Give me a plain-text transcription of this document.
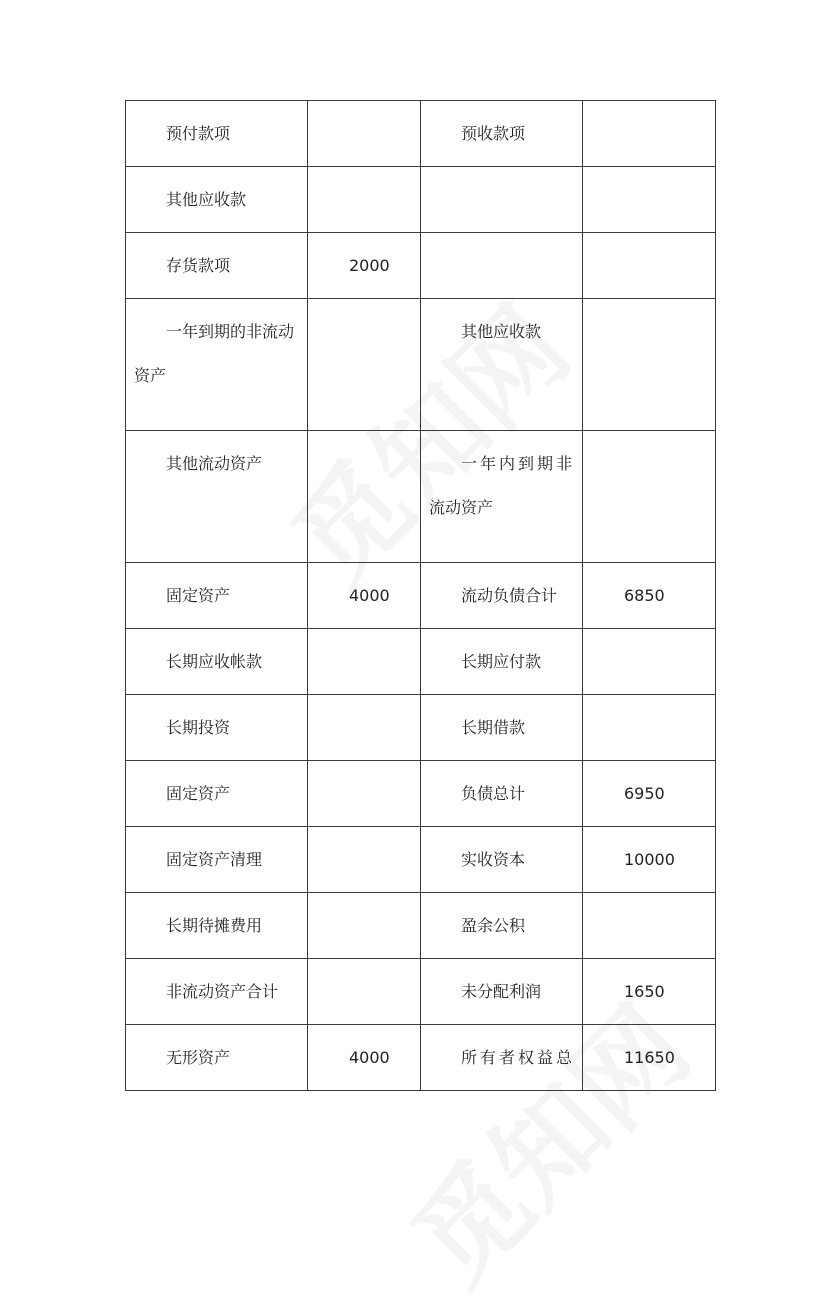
预付款项		预收款项	
其他应收款			
存货款项	2000		

一年到期的非流动
资产		其他应收款	

其他流动资产		一年内到期非
流动资产	

固定资产	4000	流动负债合计	6850
长期应收帐款		长期应付款	
长期投资		长期借款	
固定资产		负债总计	6950
固定资产清理		实收资本	10000
长期待摊费用		盈余公积	
非流动资产合计		未分配利润	1650
无形资产	4000	所有者权益总	11650
